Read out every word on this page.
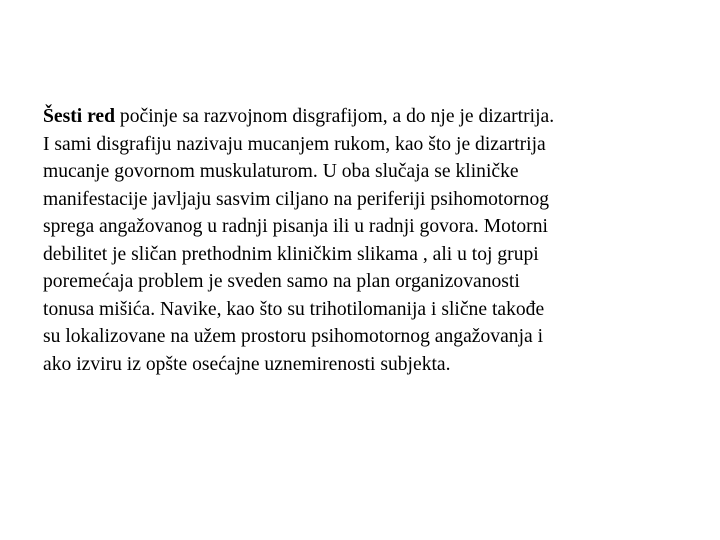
Šesti red počinje sa razvojnom disgrafijom, a do nje je dizartrija.
I sami disgrafiju nazivaju mucanjem rukom, kao što je dizartrija
mucanje govornom muskulaturom. U oba slučaja se kliničke
manifestacije javljaju sasvim ciljano na periferiji psihomotornog
sprega angažovanog u radnji pisanja ili u radnji govora. Motorni
debilitet je sličan prethodnim kliničkim slikama , ali u toj grupi
poremećaja problem je sveden samo na plan organizovanosti
tonusa mišića. Navike, kao što su trihotilomanija i slične takođe
su lokalizovane na užem prostoru psihomotornog angažovanja i
ako izviru iz opšte osećajne uznemirenosti subjekta.
